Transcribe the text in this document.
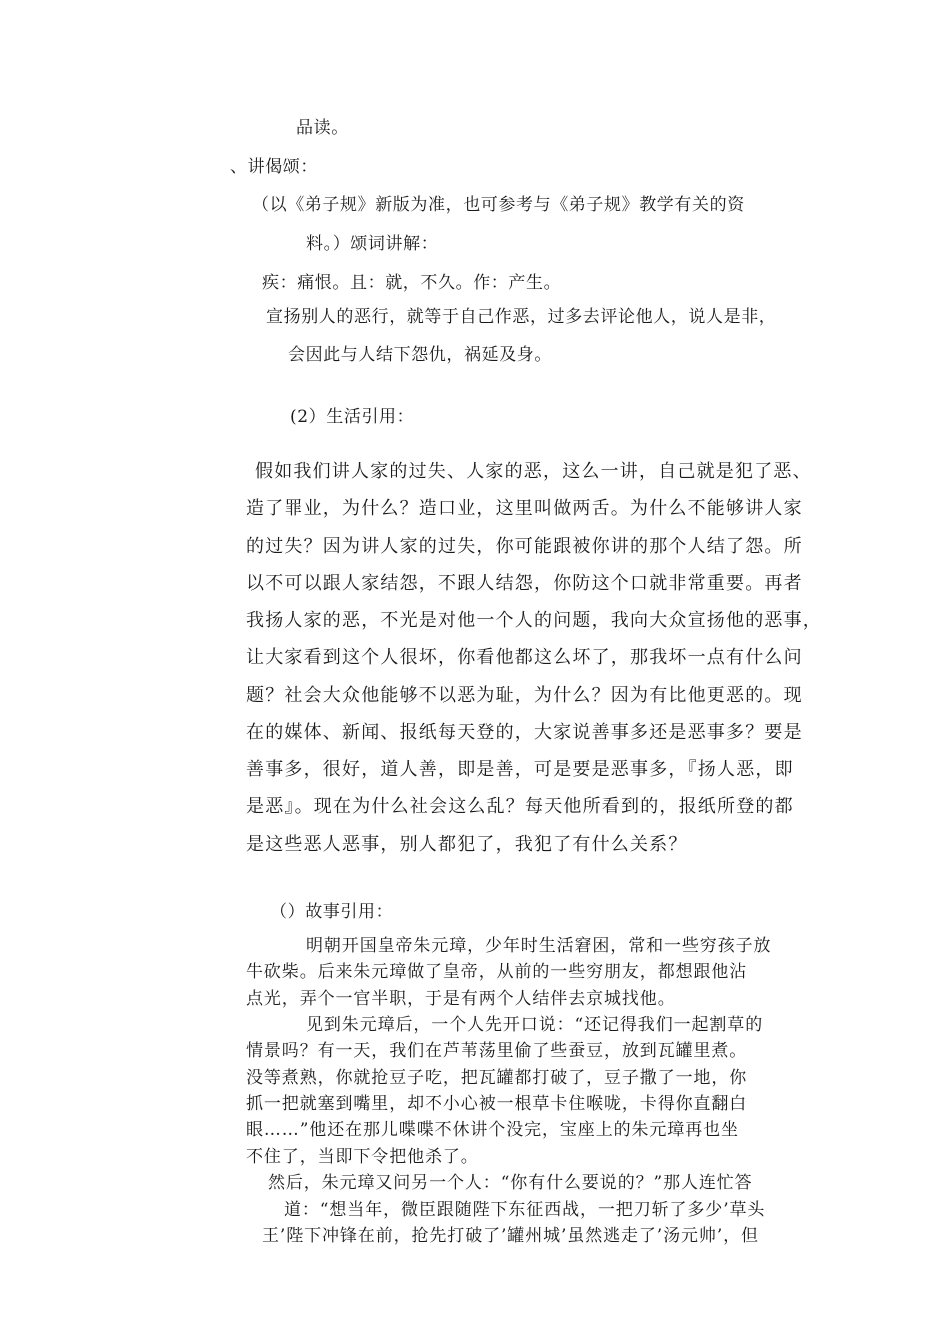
品读。
、讲偈颂：
（以《弟子规》新版为准，也可参考与《弟子规》教学有关的资
料。）颂词讲解：
疾：痛恨。且：就，不久。作：产生。
宣扬别人的恶行，就等于自己作恶，过多去评论他人，说人是非，
会因此与人结下怨仇，祸延及身。
(2）生活引用：
假如我们讲人家的过失、人家的恶，这么一讲，自己就是犯了恶、
造了罪业，为什么？造口业，这里叫做两舌。为什么不能够讲人家
的过失？因为讲人家的过失，你可能跟被你讲的那个人结了怨。所
以不可以跟人家结怨，不跟人结怨，你防这个口就非常重要。再者
我扬人家的恶，不光是对他一个人的问题，我向大众宣扬他的恶事，
让大家看到这个人很坏，你看他都这么坏了，那我坏一点有什么问
题？社会大众他能够不以恶为耻，为什么？因为有比他更恶的。现
在的媒体、新闻、报纸每天登的，大家说善事多还是恶事多？要是
善事多，很好，道人善，即是善，可是要是恶事多，『扬人恶，即
是恶』。现在为什么社会这么乱？每天他所看到的，报纸所登的都
是这些恶人恶事，别人都犯了，我犯了有什么关系？
（）故事引用：
明朝开国皇帝朱元璋，少年时生活窘困，常和一些穷孩子放
牛砍柴。后来朱元璋做了皇帝，从前的一些穷朋友，都想跟他沾
点光，弄个一官半职，于是有两个人结伴去京城找他。
见到朱元璋后，一个人先开口说：“还记得我们一起割草的
情景吗？有一天，我们在芦苇荡里偷了些蚕豆，放到瓦罐里煮。
没等煮熟，你就抢豆子吃，把瓦罐都打破了，豆子撒了一地，你
抓一把就塞到嘴里，却不小心被一根草卡住喉咙，卡得你直翻白
眼……”他还在那儿喋喋不休讲个没完，宝座上的朱元璋再也坐
不住了，当即下令把他杀了。
然后，朱元璋又问另一个人：“你有什么要说的？”那人连忙答
道：“想当年，微臣跟随陛下东征西战，一把刀斩了多少’草头
王’陛下冲锋在前，抢先打破了’罐州城’虽然逃走了’汤元帅’，但
